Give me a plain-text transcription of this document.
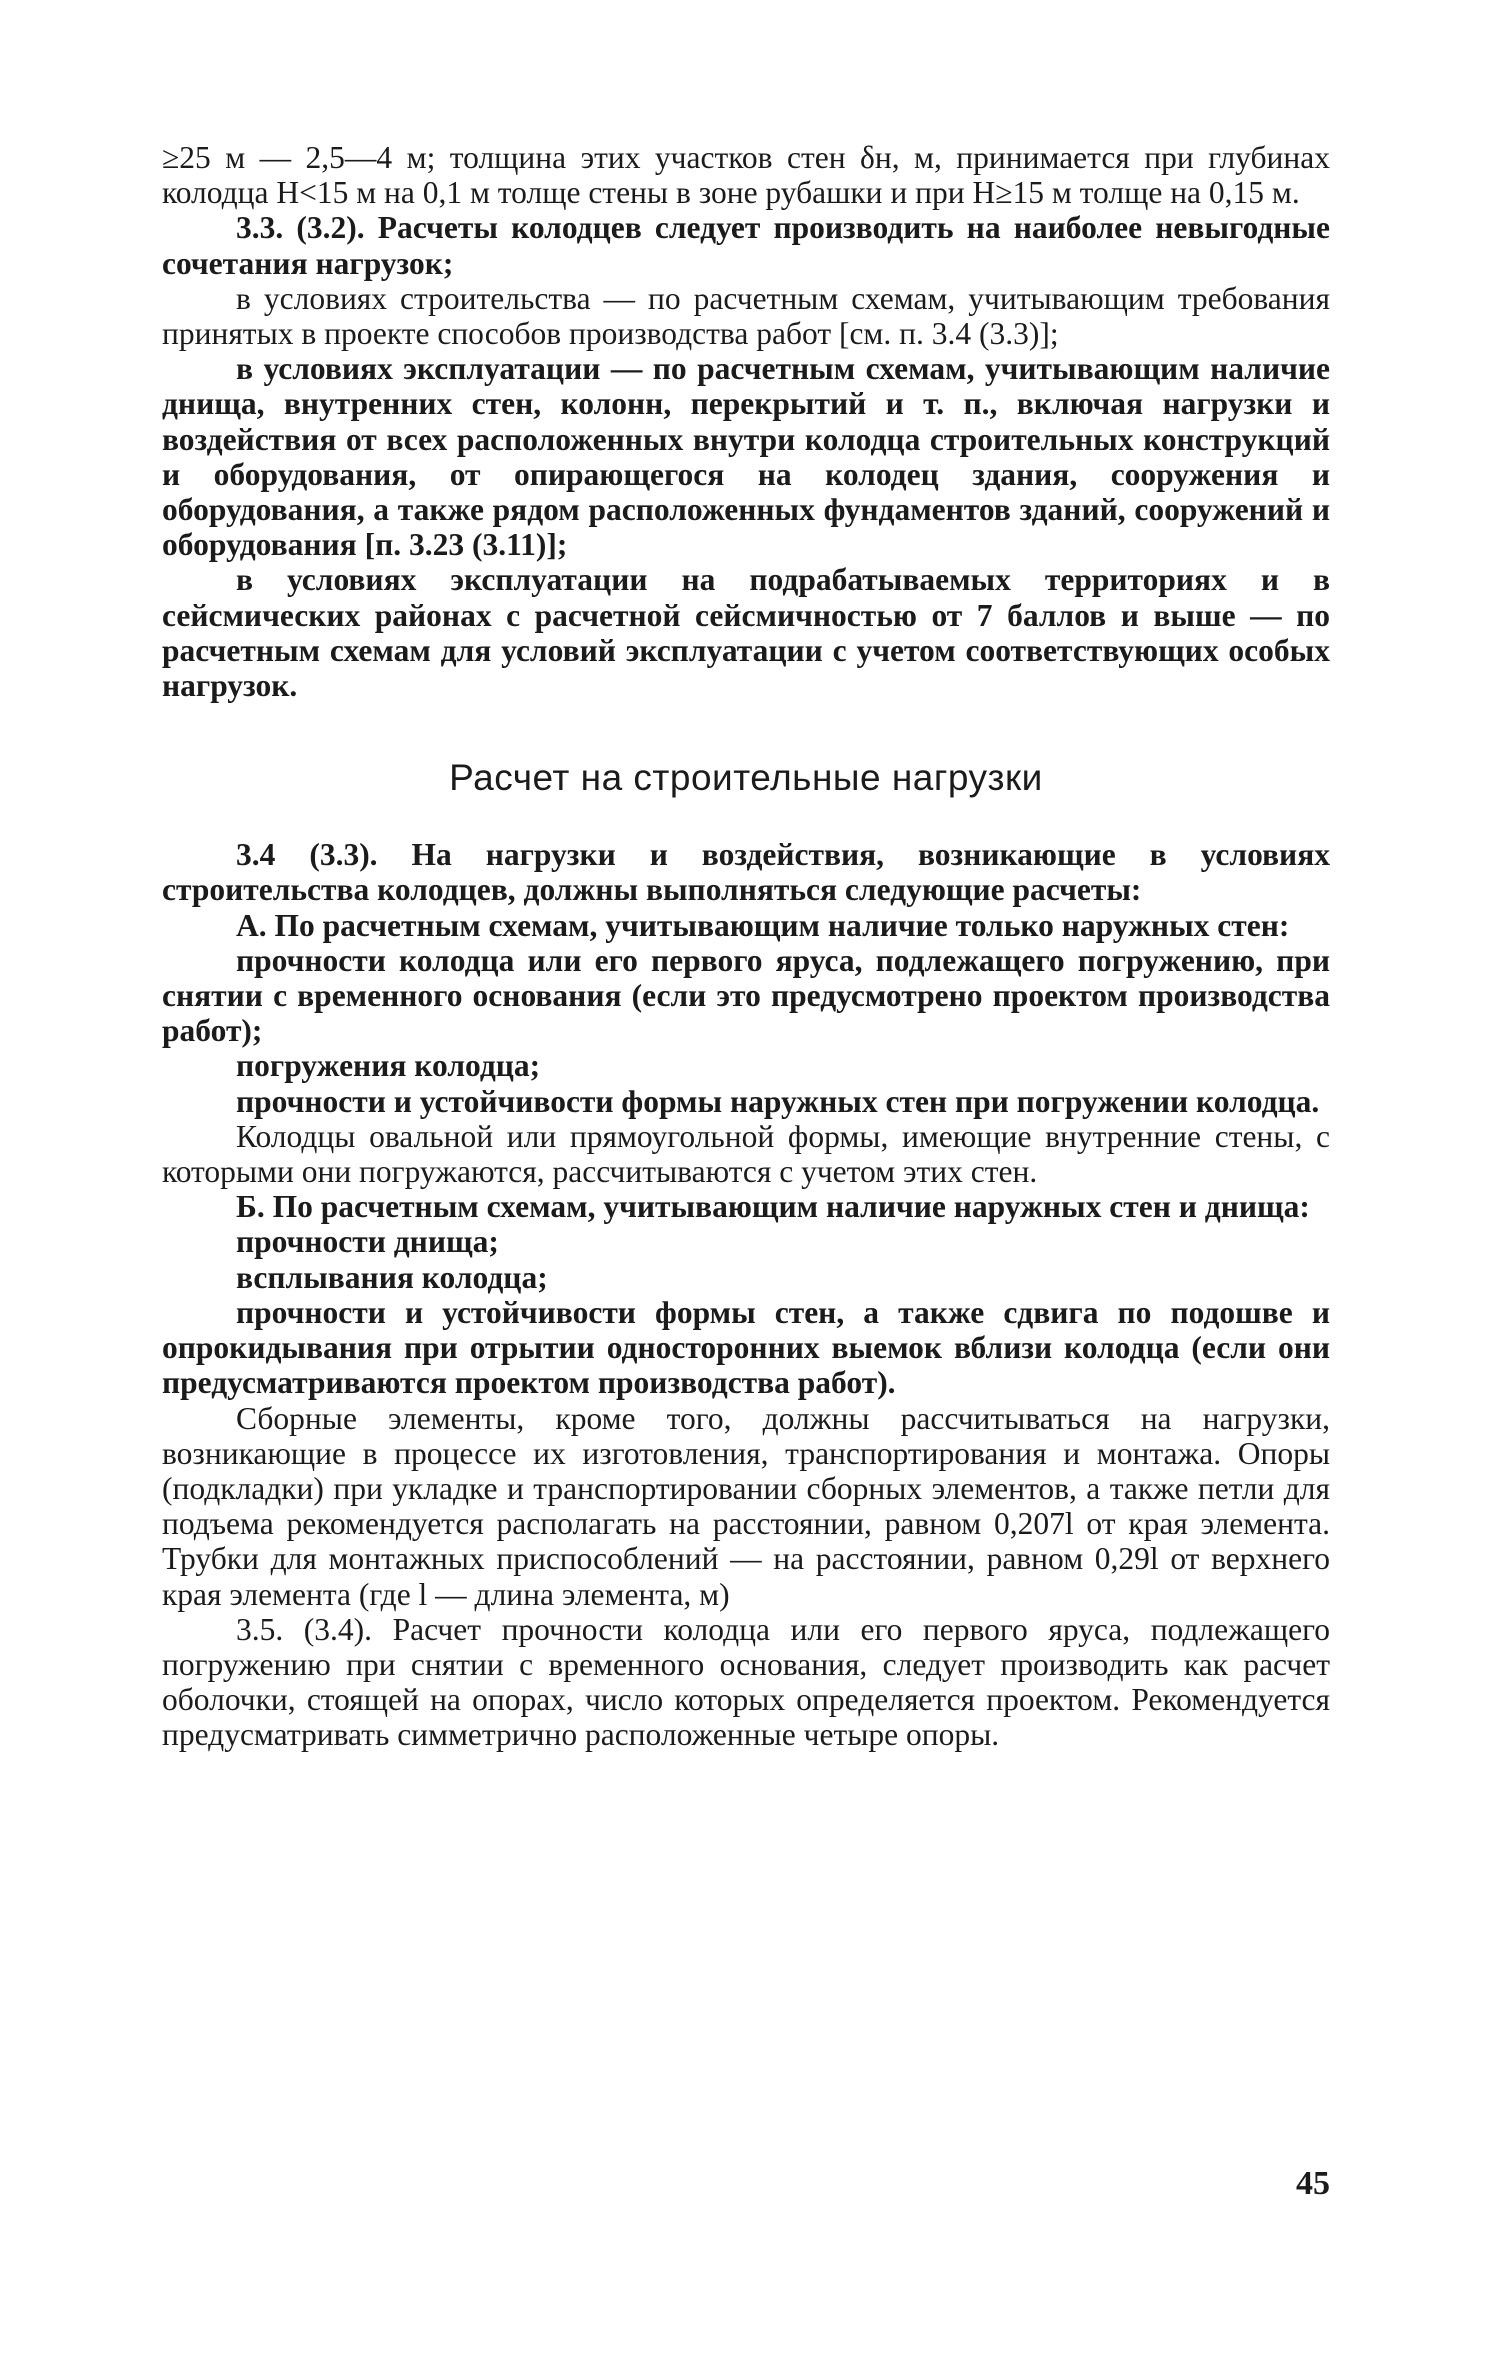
≥25 м — 2,5—4 м; толщина этих участков стен δн, м, принимается при глубинах колодца H<15 м на 0,1 м толще стены в зоне рубашки и при H≥15 м толще на 0,15 м.

3.3. (3.2). Расчеты колодцев следует производить на наиболее невыгодные сочетания нагрузок;

в условиях строительства — по расчетным схемам, учитывающим требования принятых в проекте способов производства работ [см. п. 3.4 (3.3)];

в условиях эксплуатации — по расчетным схемам, учитывающим наличие днища, внутренних стен, колонн, перекрытий и т. п., включая нагрузки и воздействия от всех расположенных внутри колодца строительных конструкций и оборудования, от опирающегося на колодец здания, сооружения и оборудования, а также рядом расположенных фундаментов зданий, сооружений и оборудования [п. 3.23 (3.11)];

в условиях эксплуатации на подрабатываемых территориях и в сейсмических районах с расчетной сейсмичностью от 7 баллов и выше — по расчетным схемам для условий эксплуатации с учетом соответствующих особых нагрузок.

Расчет на строительные нагрузки

3.4 (3.3). На нагрузки и воздействия, возникающие в условиях строительства колодцев, должны выполняться следующие расчеты:

А. По расчетным схемам, учитывающим наличие только наружных стен:

прочности колодца или его первого яруса, подлежащего погружению, при снятии с временного основания (если это предусмотрено проектом производства работ);

погружения колодца;

прочности и устойчивости формы наружных стен при погружении колодца.

Колодцы овальной или прямоугольной формы, имеющие внутренние стены, с которыми они погружаются, рассчитываются с учетом этих стен.

Б. По расчетным схемам, учитывающим наличие наружных стен и днища:

прочности днища;

всплывания колодца;

прочности и устойчивости формы стен, а также сдвига по подошве и опрокидывания при отрытии односторонних выемок вблизи колодца (если они предусматриваются проектом производства работ).

Сборные элементы, кроме того, должны рассчитываться на нагрузки, возникающие в процессе их изготовления, транспортирования и монтажа. Опоры (подкладки) при укладке и транспортировании сборных элементов, а также петли для подъема рекомендуется располагать на расстоянии, равном 0,207l от края элемента. Трубки для монтажных приспособлений — на расстоянии, равном 0,29l от верхнего края элемента (где l — длина элемента, м)

3.5. (3.4). Расчет прочности колодца или его первого яруса, подлежащего погружению при снятии с временного основания, следует производить как расчет оболочки, стоящей на опорах, число которых определяется проектом. Рекомендуется предусматривать симметрично расположенные четыре опоры.

45
